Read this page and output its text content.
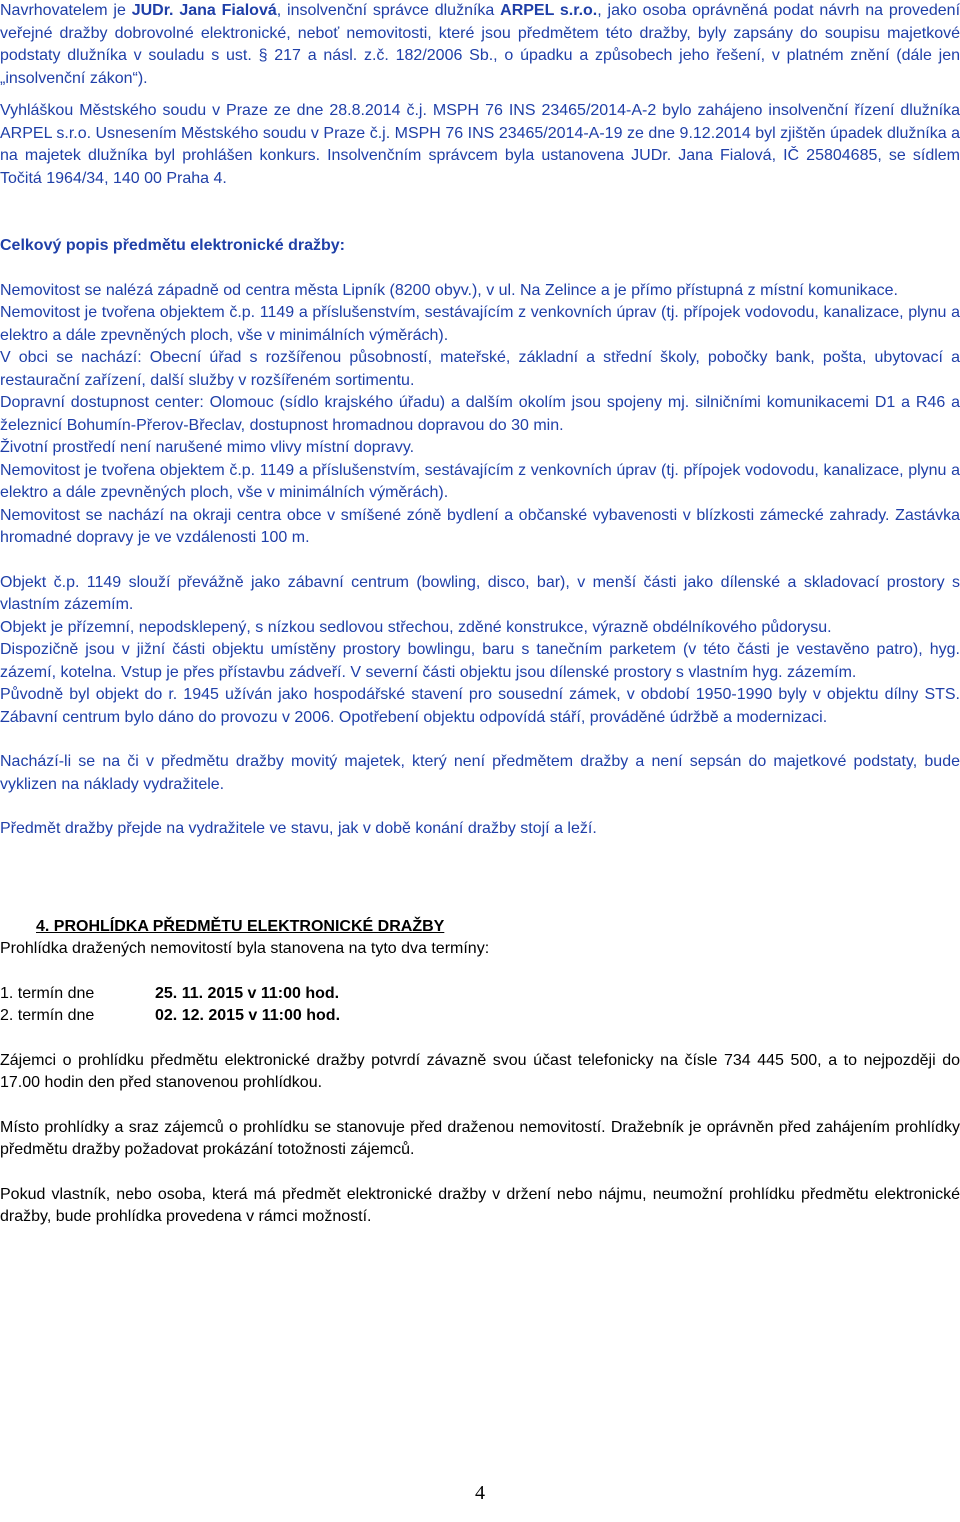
Navrhovatelem je JUDr. Jana Fialová, insolvenční správce dlužníka ARPEL s.r.o., jako osoba oprávněná podat návrh na provedení veřejné dražby dobrovolné elektronické, neboť nemovitosti, které jsou předmětem této dražby, byly zapsány do soupisu majetkové podstaty dlužníka v souladu s ust. § 217 a násl. z.č. 182/2006 Sb., o úpadku a způsobech jeho řešení, v platném znění (dále jen „insolvenční zákon“).

Vyhláškou Městského soudu v Praze ze dne 28.8.2014 č.j. MSPH 76 INS 23465/2014-A-2 bylo zahájeno insolvenční řízení dlužníka ARPEL s.r.o. Usnesením Městského soudu v Praze č.j. MSPH 76 INS 23465/2014-A-19 ze dne 9.12.2014 byl zjištěn úpadek dlužníka a na majetek dlužníka byl prohlášen konkurs. Insolvenčním správcem byla ustanovena JUDr. Jana Fialová, IČ 25804685, se sídlem Točitá 1964/34, 140 00 Praha 4.

Celkový popis předmětu elektronické dražby:

Nemovitost se nalézá západně od centra města Lipník (8200 obyv.), v ul. Na Zelince a je přímo přístupná z místní komunikace.

Nemovitost je tvořena objektem č.p. 1149 a příslušenstvím, sestávajícím z venkovních úprav (tj. přípojek vodovodu, kanalizace, plynu a elektro a dále zpevněných ploch, vše v minimálních výměrách).

V obci se nachází: Obecní úřad s rozšířenou působností, mateřské, základní a střední školy, pobočky bank, pošta, ubytovací a restaurační zařízení, další služby v rozšířeném sortimentu.

Dopravní dostupnost center: Olomouc (sídlo krajského úřadu) a dalším okolím jsou spojeny mj. silničními komunikacemi D1 a R46 a železnicí Bohumín-Přerov-Břeclav, dostupnost hromadnou dopravou do 30 min.

Životní prostředí není narušené mimo vlivy místní dopravy.

Nemovitost je tvořena objektem č.p. 1149 a příslušenstvím, sestávajícím z venkovních úprav (tj. přípojek vodovodu, kanalizace, plynu a elektro a dále zpevněných ploch, vše v minimálních výměrách).

Nemovitost se nachází na okraji centra obce v smíšené zóně bydlení a občanské vybavenosti v blízkosti zámecké zahrady. Zastávka hromadné dopravy je ve vzdálenosti 100 m.

Objekt č.p. 1149 slouží převážně jako zábavní centrum (bowling, disco, bar), v menší části jako dílenské a skladovací prostory s vlastním zázemím.

Objekt je přízemní, nepodsklepený, s nízkou sedlovou střechou, zděné konstrukce, výrazně obdélníkového půdorysu.

Dispozičně jsou v jižní části objektu umístěny prostory bowlingu, baru s tanečním parketem (v této části je vestavěno patro), hyg. zázemí, kotelna. Vstup je přes přístavbu zádveří. V severní části objektu jsou dílenské prostory s vlastním hyg. zázemím.

Původně byl objekt do r. 1945 užíván jako hospodářské stavení pro sousední zámek, v období 1950-1990 byly v objektu dílny STS. Zábavní centrum bylo dáno do provozu v 2006. Opotřebení objektu odpovídá stáří, prováděné údržbě a modernizaci.

Nachází-li se na či v předmětu dražby movitý majetek, který není předmětem dražby a není sepsán do majetkové podstaty, bude vyklizen na náklady vydražitele.

Předmět dražby přejde na vydražitele ve stavu, jak v době konání dražby stojí a leží.

4. PROHLÍDKA PŘEDMĚTU ELEKTRONICKÉ DRAŽBY

Prohlídka dražených nemovitostí byla stanovena na tyto dva termíny:

1. termín dne	25. 11. 2015 v 11:00 hod.
2. termín dne	02. 12. 2015 v 11:00 hod.

Zájemci o prohlídku předmětu elektronické dražby potvrdí závazně svou účast telefonicky na čísle 734 445 500, a to nejpozději do 17.00 hodin den před stanovenou prohlídkou.

Místo prohlídky a sraz zájemců o prohlídku se stanovuje před draženou nemovitostí. Dražebník je oprávněn před zahájením prohlídky předmětu dražby požadovat prokázání totožnosti zájemců.

Pokud vlastník, nebo osoba, která má předmět elektronické dražby v držení nebo nájmu, neumožní prohlídku předmětu elektronické dražby, bude prohlídka provedena v rámci možností.

4
